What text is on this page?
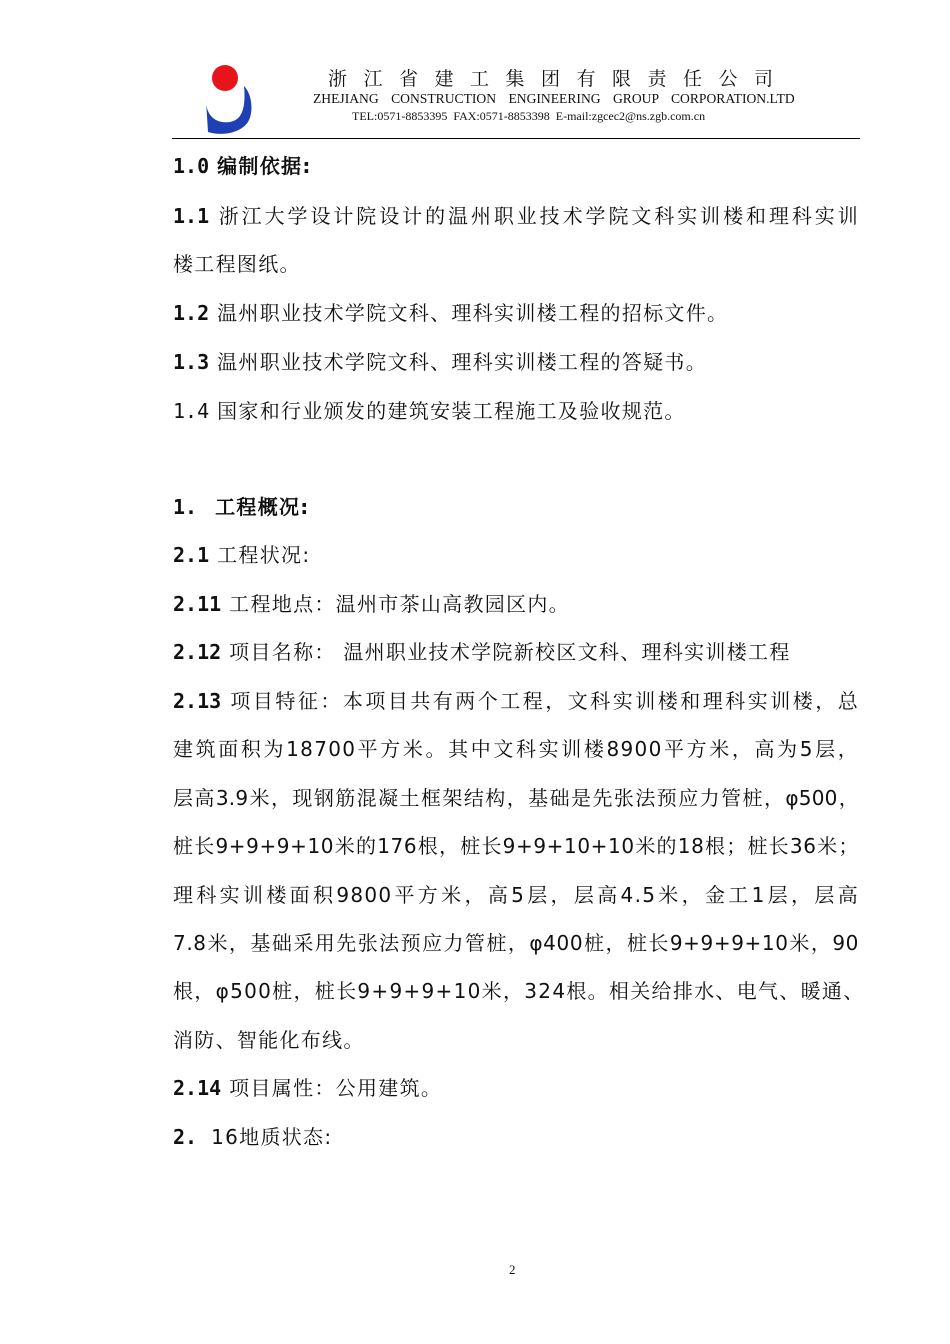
浙江省建工集团有限责任公司
ZHEJIANG CONSTRUCTION ENGINEERING GROUP CORPORATION.LTD
TEL:0571-8853395 FAX:0571-8853398 E-mail:zgcec2@ns.zgb.com.cn
1.0 编制依据:
1.1 浙江大学设计院设计的温州职业技术学院文科实训楼和理科实训
楼工程图纸。
1.2 温州职业技术学院文科、理科实训楼工程的招标文件。
1.3 温州职业技术学院文科、理科实训楼工程的答疑书。
1.4 国家和行业颁发的建筑安装工程施工及验收规范。
1. 工程概况:
2.1 工程状况:
2.11 工程地点：温州市茶山高教园区内。
2.12 项目名称： 温州职业技术学院新校区文科、理科实训楼工程
2.13 项目特征：本项目共有两个工程，文科实训楼和理科实训楼，总
建筑面积为18700平方米。其中文科实训楼8900平方米，高为5层，
层高3.9米，现钢筋混凝土框架结构，基础是先张法预应力管桩，φ500，
桩长9+9+9+10米的176根，桩长9+9+10+10米的18根；桩长36米；
理科实训楼面积9800平方米，高5层，层高4.5米，金工1层，层高
7.8米，基础采用先张法预应力管桩，φ400桩，桩长9+9+9+10米，90
根，φ500桩，桩长9+9+9+10米，324根。相关给排水、电气、暖通、
消防、智能化布线。
2.14 项目属性：公用建筑。
2. 16地质状态:
2
